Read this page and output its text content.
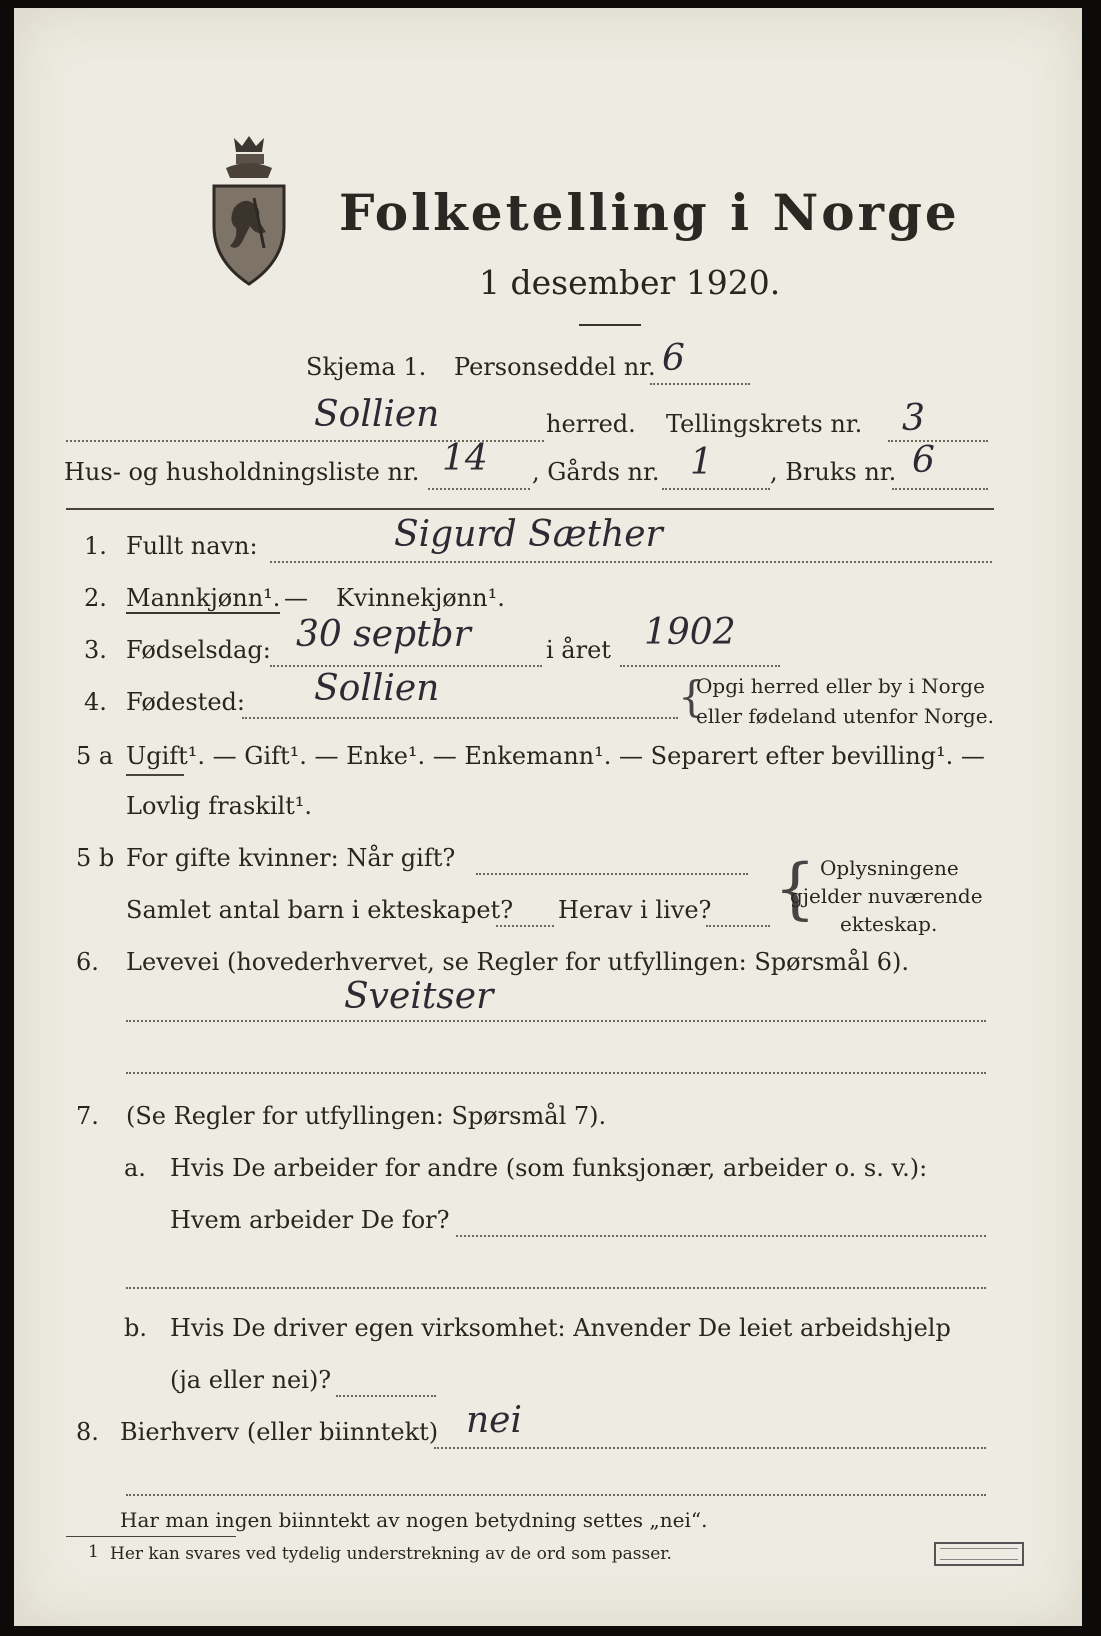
Folketelling i Norge
1 desember 1920.
Skjema 1. Personseddel nr. 6
Sollien	herred. Tellingskrets nr. 3
Hus- og husholdningsliste nr. 14 , Gårds nr. 1 , Bruks nr. 6
1. Fullt navn:	Sigurd Sæther
2. Mannkjønn¹. — Kvinnekjønn¹.
3. Fødselsdag: 30 septbr	i året 1902
4. Fødested: Sollien	{
Opgi herred eller by i Norge
eller fødeland utenfor Norge.
5 a Ugift¹. — Gift¹. — Enke¹. — Enkemann¹. — Separert efter bevilling¹. —
Lovlig fraskilt¹.
5 b For gifte kvinner: Når gift?
Samlet antal barn i ekteskapet? Herav i live? { Oplysningene
gjelder nuværende
ekteskap.
6. Levevei (hovederhvervet, se Regler for utfyllingen: Spørsmål 6).
Sveitser
7. (Se Regler for utfyllingen: Spørsmål 7).
a. Hvis De arbeider for andre (som funksjonær, arbeider o. s. v.):
Hvem arbeider De for?
b. Hvis De driver egen virksomhet: Anvender De leiet arbeidshjelp
(ja eller nei)?
8. Bierhverv (eller biinntekt) nei
Har man ingen biinntekt av nogen betydning settes „nei“.
1 Her kan svares ved tydelig understrekning av de ord som passer.
